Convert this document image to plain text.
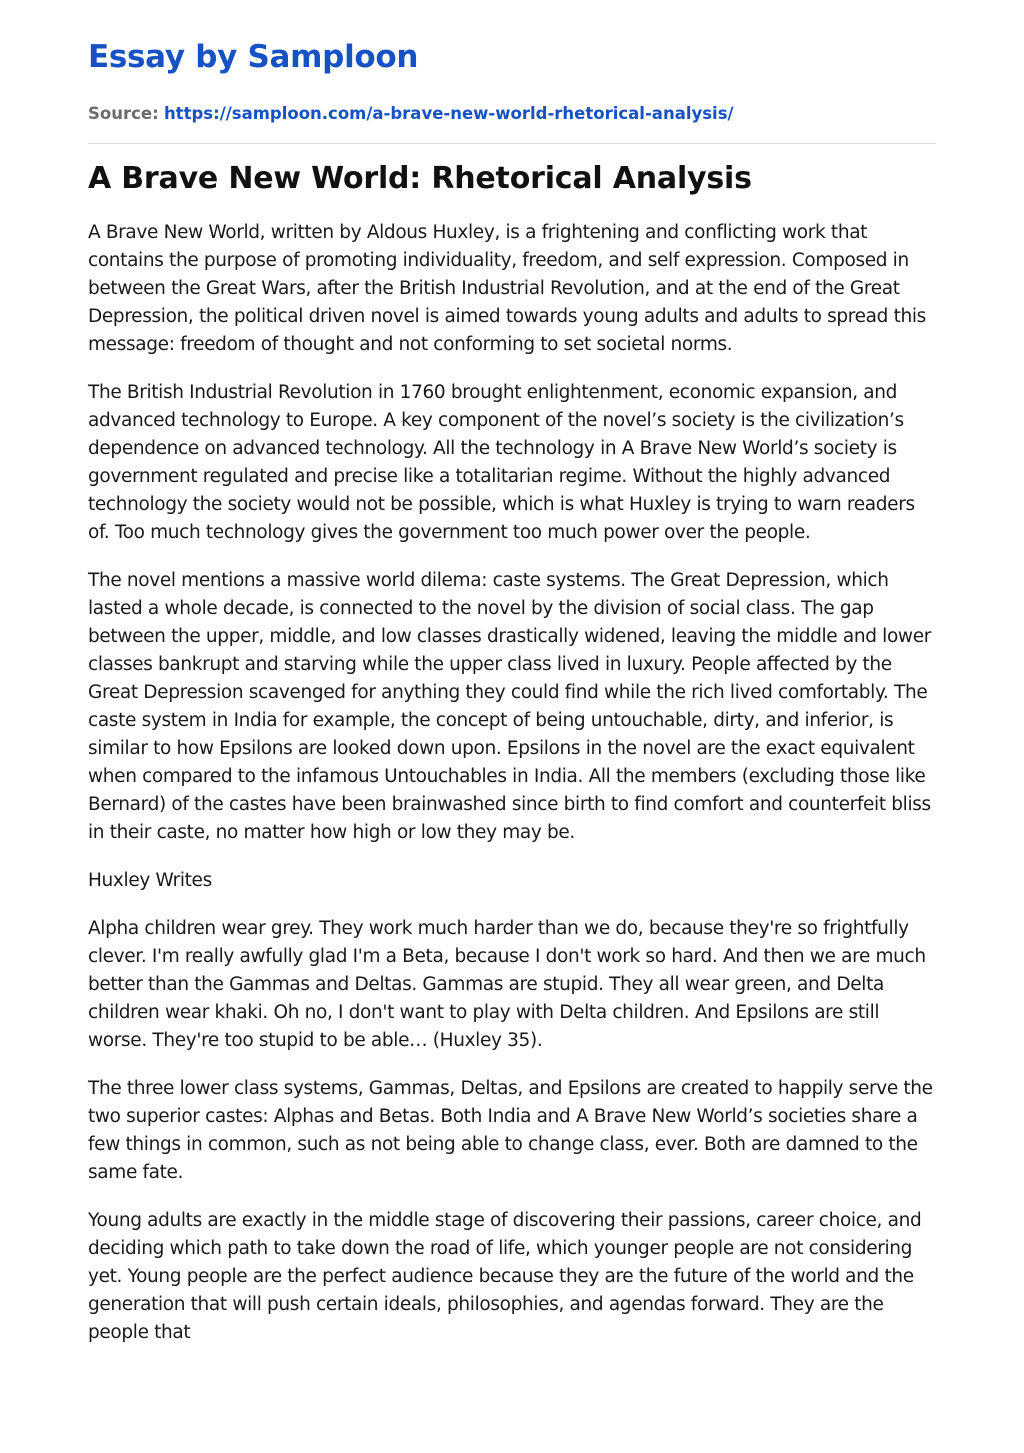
Essay by Samploon
Source: https://samploon.com/a-brave-new-world-rhetorical-analysis/
A Brave New World: Rhetorical Analysis

A Brave New World, written by Aldous Huxley, is a frightening and conflicting work that contains the purpose of promoting individuality, freedom, and self expression. Composed in between the Great Wars, after the British Industrial Revolution, and at the end of the Great Depression, the political driven novel is aimed towards young adults and adults to spread this message: freedom of thought and not conforming to set societal norms.

The British Industrial Revolution in 1760 brought enlightenment, economic expansion, and advanced technology to Europe. A key component of the novel’s society is the civilization’s dependence on advanced technology. All the technology in A Brave New World’s society is government regulated and precise like a totalitarian regime. Without the highly advanced technology the society would not be possible, which is what Huxley is trying to warn readers of. Too much technology gives the government too much power over the people.

The novel mentions a massive world dilema: caste systems. The Great Depression, which lasted a whole decade, is connected to the novel by the division of social class. The gap between the upper, middle, and low classes drastically widened, leaving the middle and lower classes bankrupt and starving while the upper class lived in luxury. People affected by the Great Depression scavenged for anything they could find while the rich lived comfortably. The caste system in India for example, the concept of being untouchable, dirty, and inferior, is similar to how Epsilons are looked down upon. Epsilons in the novel are the exact equivalent when compared to the infamous Untouchables in India. All the members (excluding those like Bernard) of the castes have been brainwashed since birth to find comfort and counterfeit bliss in their caste, no matter how high or low they may be.

Huxley Writes

Alpha children wear grey. They work much harder than we do, because they're so frightfully clever. I'm really awfully glad I'm a Beta, because I don't work so hard. And then we are much better than the Gammas and Deltas. Gammas are stupid. They all wear green, and Delta children wear khaki. Oh no, I don't want to play with Delta children. And Epsilons are still worse. They're too stupid to be able… (Huxley 35).

The three lower class systems, Gammas, Deltas, and Epsilons are created to happily serve the two superior castes: Alphas and Betas. Both India and A Brave New World’s societies share a few things in common, such as not being able to change class, ever. Both are damned to the same fate.

Young adults are exactly in the middle stage of discovering their passions, career choice, and deciding which path to take down the road of life, which younger people are not considering yet. Young people are the perfect audience because they are the future of the world and the generation that will push certain ideals, philosophies, and agendas forward. They are the people that
